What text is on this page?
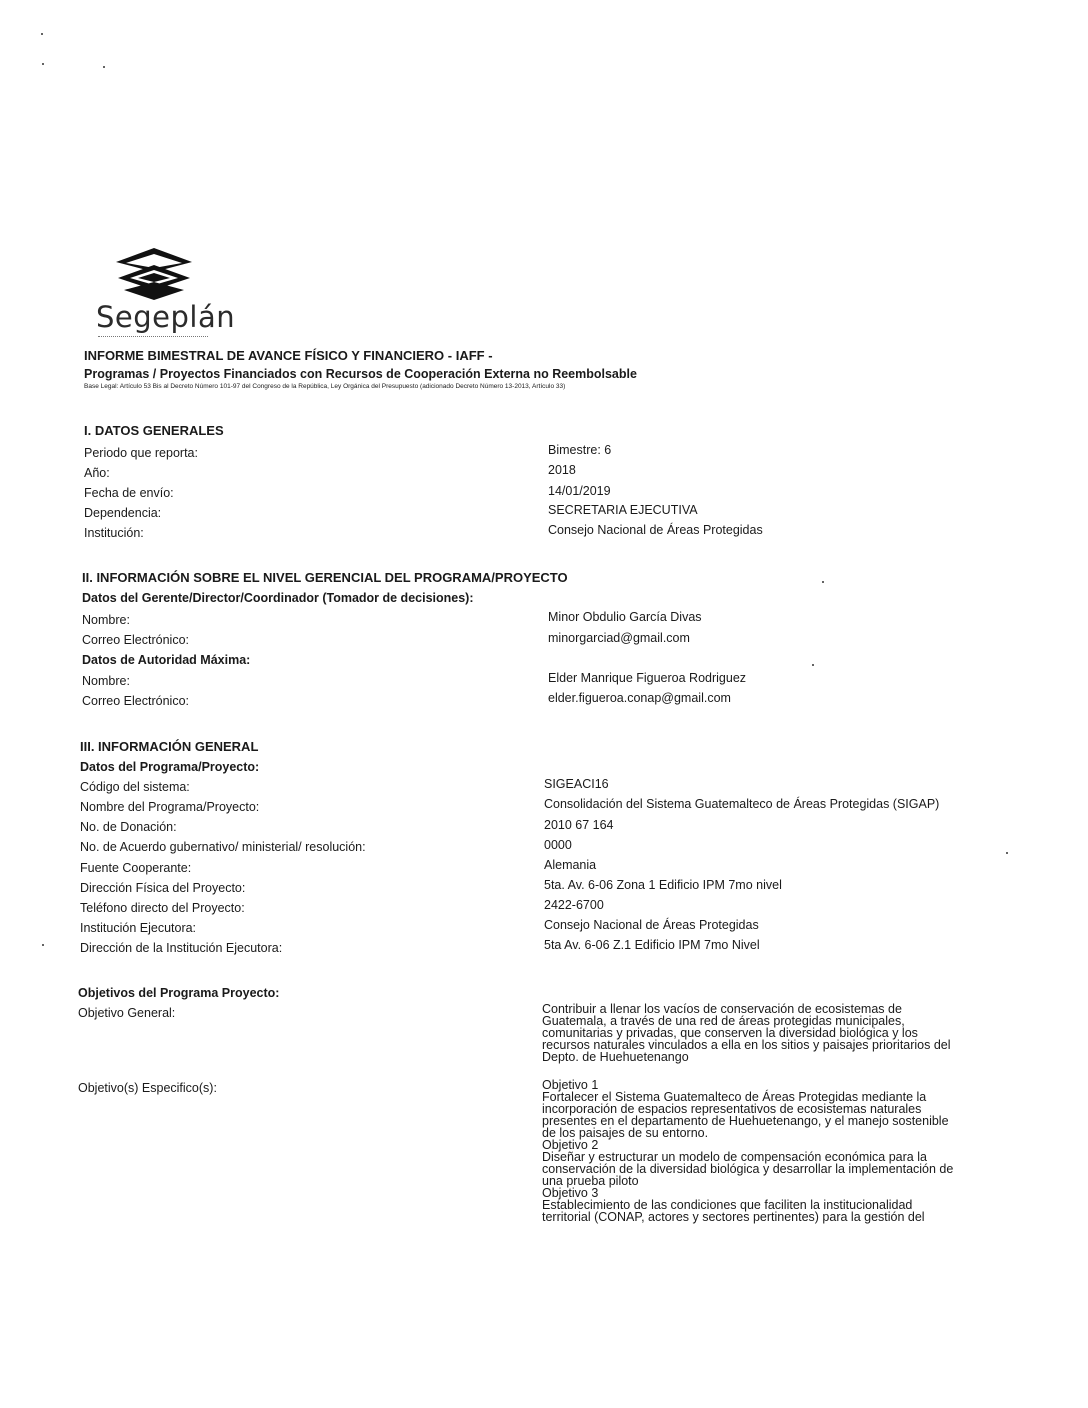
Segeplán
INFORME BIMESTRAL DE AVANCE FÍSICO Y FINANCIERO - IAFF -
Programas / Proyectos Financiados con Recursos de Cooperación Externa no Reembolsable
Base Legal: Artículo 53 Bis al Decreto Número 101-97 del Congreso de la República, Ley Orgánica del Presupuesto (adicionado Decreto Número 13-2013, Artículo 33)
I. DATOS GENERALES
Periodo que reporta:	Bimestre: 6
Año:	2018
Fecha de envío:	14/01/2019
Dependencia:	SECRETARIA EJECUTIVA
Institución:	Consejo Nacional de Áreas Protegidas
II. INFORMACIÓN SOBRE EL NIVEL GERENCIAL DEL PROGRAMA/PROYECTO
Datos del Gerente/Director/Coordinador (Tomador de decisiones):
Nombre:	Minor Obdulio García Divas
Correo Electrónico:	minorgarciad@gmail.com
Datos de Autoridad Máxima:
Nombre:	Elder Manrique Figueroa Rodriguez
Correo Electrónico:	elder.figueroa.conap@gmail.com
III. INFORMACIÓN GENERAL
Datos del Programa/Proyecto:
Código del sistema:	SIGEACI16
Nombre del Programa/Proyecto:	Consolidación del Sistema Guatemalteco de Áreas Protegidas (SIGAP)
No. de Donación:	2010 67 164
No. de Acuerdo gubernativo/ ministerial/ resolución:	0000
Fuente Cooperante:	Alemania
Dirección Física del Proyecto:	5ta. Av. 6-06 Zona 1 Edificio IPM 7mo nivel
Teléfono directo del Proyecto:	2422-6700
Institución Ejecutora:	Consejo Nacional de Áreas Protegidas
Dirección de la Institución Ejecutora:	5ta Av. 6-06 Z.1 Edificio IPM 7mo Nivel
Objetivos del Programa Proyecto:
Objetivo General:	Contribuir a llenar los vacíos de conservación de ecosistemas de
Guatemala, a través de una red de áreas protegidas municipales,
comunitarias y privadas, que conserven la diversidad biológica y los
recursos naturales vinculados a ella en los sitios y paisajes prioritarios del
Depto. de Huehuetenango
Objetivo(s) Especifico(s):	Objetivo 1
Fortalecer el Sistema Guatemalteco de Áreas Protegidas mediante la
incorporación de espacios representativos de ecosistemas naturales
presentes en el departamento de Huehuetenango, y el manejo sostenible
de los paisajes de su entorno.
Objetivo 2
Diseñar y estructurar un modelo de compensación económica para la
conservación de la diversidad biológica y desarrollar la implementación de
una prueba piloto
Objetivo 3
Establecimiento de las condiciones que faciliten la institucionalidad
territorial (CONAP, actores y sectores pertinentes) para la gestión del
